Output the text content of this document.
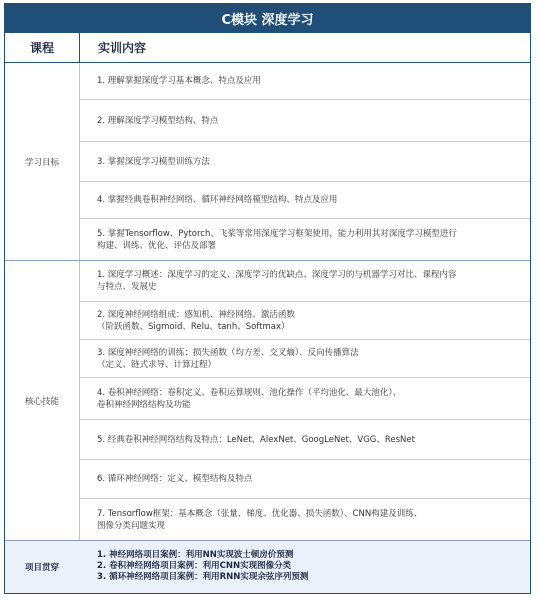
C模块 深度学习
课程	实训内容
学习目标
1. 理解掌握深度学习基本概念、特点及应用
2. 理解深度学习模型结构、特点
3. 掌握深度学习模型训练方法
4. 掌握经典卷积神经网络、循环神经网络模型结构、特点及应用
5. 掌握Tensorflow、Pytorch、飞桨等常用深度学习框架使用，能力利用其对深度学习模型进行
构建、训练、优化、评估及部署
核心技能
1. 深度学习概述：深度学习的定义、深度学习的优缺点、深度学习的与机器学习对比、课程内容
与特点、发展史
2. 深度神经网络组成：感知机、神经网络、激活函数
（阶跃函数、Sigmoid、Relu、tanh、Softmax）
3. 深度神经网络的训练：损失函数（均方差、交叉熵）、反向传播算法
（定义、链式求导、计算过程）
4. 卷积神经网络：卷积定义、卷积运算规则、池化操作（平均池化、最大池化）、
卷积神经网络结构及功能
5. 经典卷积神经网络结构及特点：LeNet、AlexNet、GoogLeNet、VGG、ResNet
6. 循环神经网络：定义、模型结构及特点
7. Tensorflow框架：基本概念（张量、梯度、优化器、损失函数）、CNN构建及训练、
图像分类问题实现
项目贯穿
1. 神经网络项目案例：利用NN实现波士顿房价预测
2. 卷积神经网络项目案例：利用CNN实现图像分类
3. 循环神经网络项目案例：利用RNN实现余弦序列预测
